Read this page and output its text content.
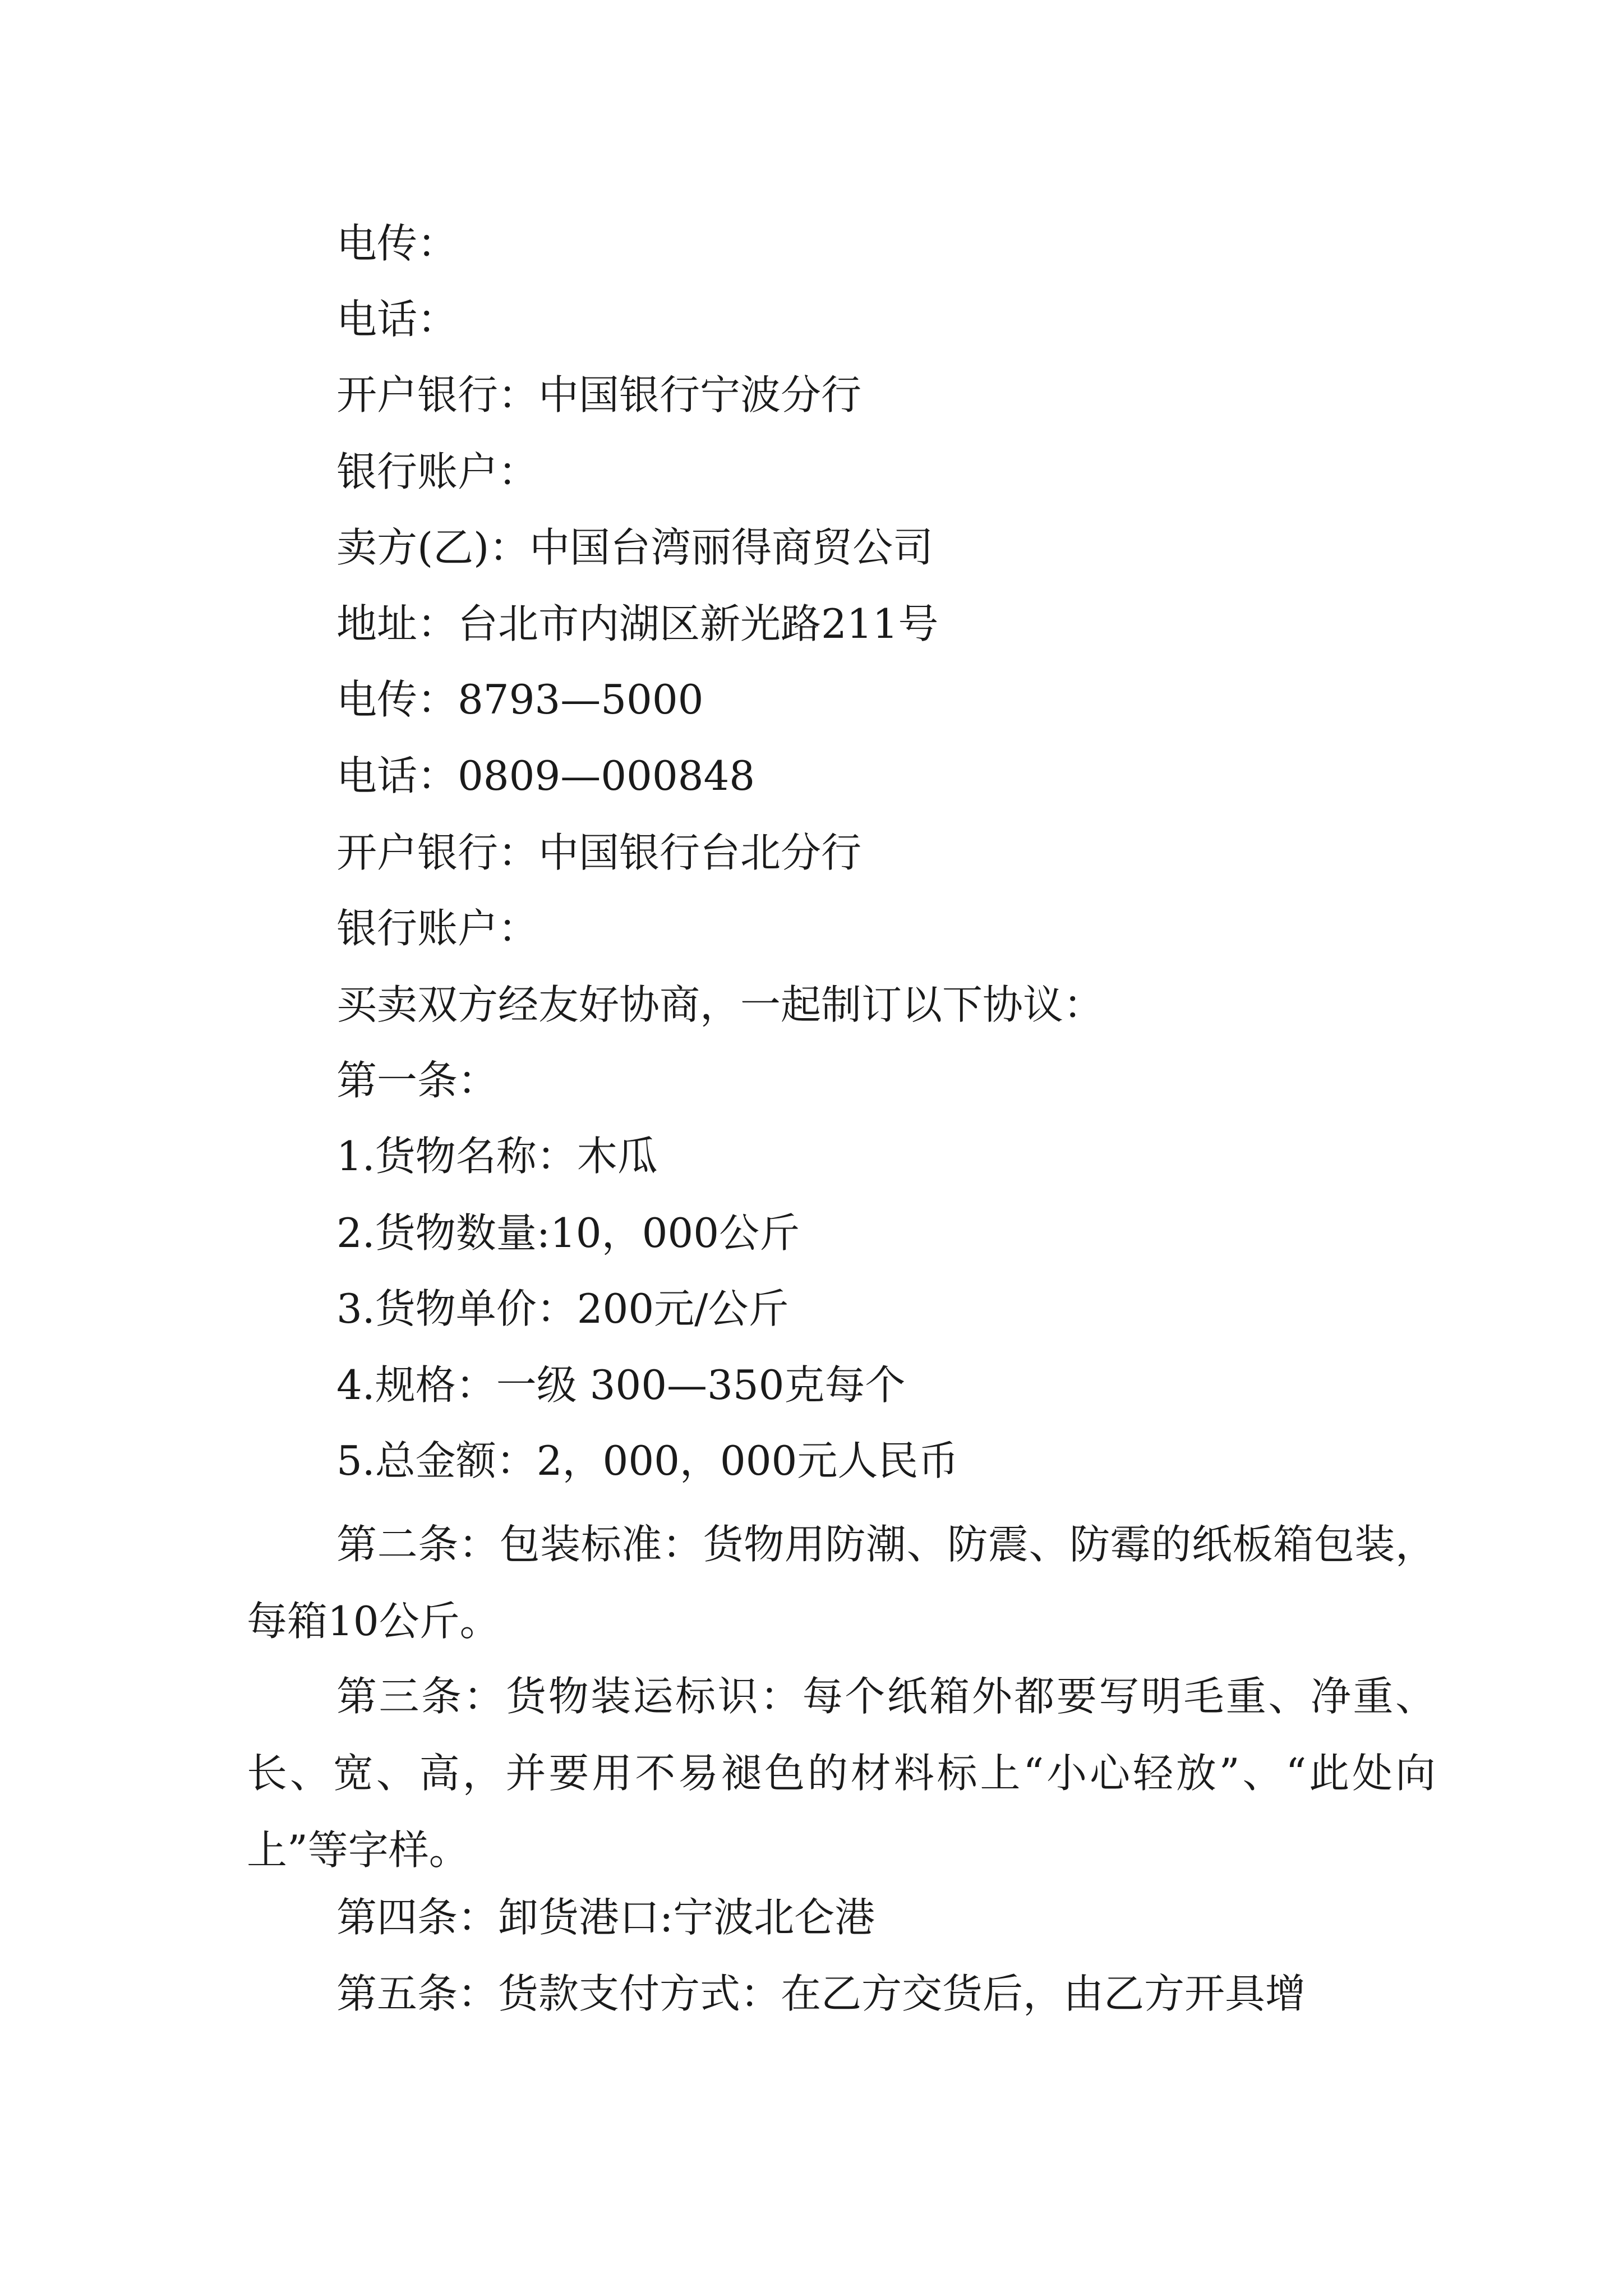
电传：
电话：
开户银行：中国银行宁波分行
银行账户：
卖方(乙)：中国台湾丽得商贸公司
地址：台北市内湖区新光路211号
电传：8793—5000
电话：0809—000848
开户银行：中国银行台北分行
银行账户：
买卖双方经友好协商，一起制订以下协议：
第一条：
1.货物名称：木瓜
2.货物数量:10，000公斤
3.货物单价：200元/公斤
4.规格：一级 300—350克每个
5.总金额：2，000，000元人民币

第二条：包装标准：货物用防潮、防震、防霉的纸板箱包装，每箱10公斤。

第三条：货物装运标识：每个纸箱外都要写明毛重、净重、长、宽、高，并要用不易褪色的材料标上“小心轻放”、“此处向上”等字样。

第四条：卸货港口:宁波北仑港
第五条：货款支付方式：在乙方交货后，由乙方开具增
